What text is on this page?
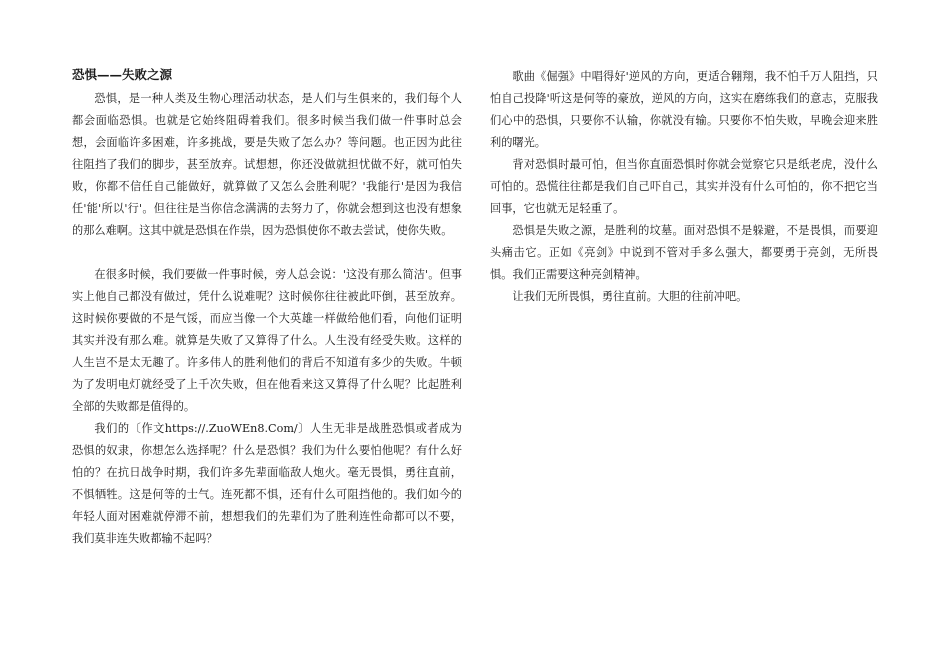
恐惧——失败之源

恐惧，是一种人类及生物心理活动状态，是人们与生俱来的，我们每个人都会面临恐惧。也就是它始终阻碍着我们。很多时候当我们做一件事时总会想，会面临许多困难，许多挑战，要是失败了怎么办？等问题。也正因为此往往阻挡了我们的脚步，甚至放弃。试想想，你还没做就担忧做不好，就可怕失败，你都不信任自己能做好，就算做了又怎么会胜利呢？'我能行'是因为我信任'能'所以'行'。但往往是当你信念满满的去努力了，你就会想到这也没有想象的那么难啊。这其中就是恐惧在作祟，因为恐惧使你不敢去尝试，使你失败。

在很多时候，我们要做一件事时候，旁人总会说：'这没有那么简洁'。但事实上他自己都没有做过，凭什么说难呢？这时候你往往被此吓倒，甚至放弃。这时候你要做的不是气馁，而应当像一个大英雄一样做给他们看，向他们证明其实并没有那么难。就算是失败了又算得了什么。人生没有经受失败。这样的人生岂不是太无趣了。许多伟人的胜利他们的背后不知道有多少的失败。牛顿为了发明电灯就经受了上千次失败，但在他看来这又算得了什么呢？比起胜利全部的失败都是值得的。

我们的〔作文https://.ZuoWEn8.Com/〕人生无非是战胜恐惧或者成为恐惧的奴隶，你想怎么选择呢？什么是恐惧？我们为什么要怕他呢？有什么好怕的？在抗日战争时期，我们许多先辈面临敌人炮火。毫无畏惧，勇往直前，不惧牺牲。这是何等的士气。连死都不惧，还有什么可阻挡他的。我们如今的年轻人面对困难就停滞不前，想想我们的先辈们为了胜利连性命都可以不要，我们莫非连失败都输不起吗？

歌曲《倔强》中唱得好'逆风的方向，更适合翱翔，我不怕千万人阻挡，只怕自己投降'听这是何等的豪放，逆风的方向，这实在磨练我们的意志，克服我们心中的恐惧，只要你不认输，你就没有输。只要你不怕失败，早晚会迎来胜利的曙光。

背对恐惧时最可怕，但当你直面恐惧时你就会觉察它只是纸老虎，没什么可怕的。恐慌往往都是我们自己吓自己，其实并没有什么可怕的，你不把它当回事，它也就无足轻重了。

恐惧是失败之源，是胜利的坟墓。面对恐惧不是躲避，不是畏惧，而要迎头痛击它。正如《亮剑》中说到不管对手多么强大，都要勇于亮剑，无所畏惧。我们正需要这种亮剑精神。

让我们无所畏惧，勇往直前。大胆的往前冲吧。
